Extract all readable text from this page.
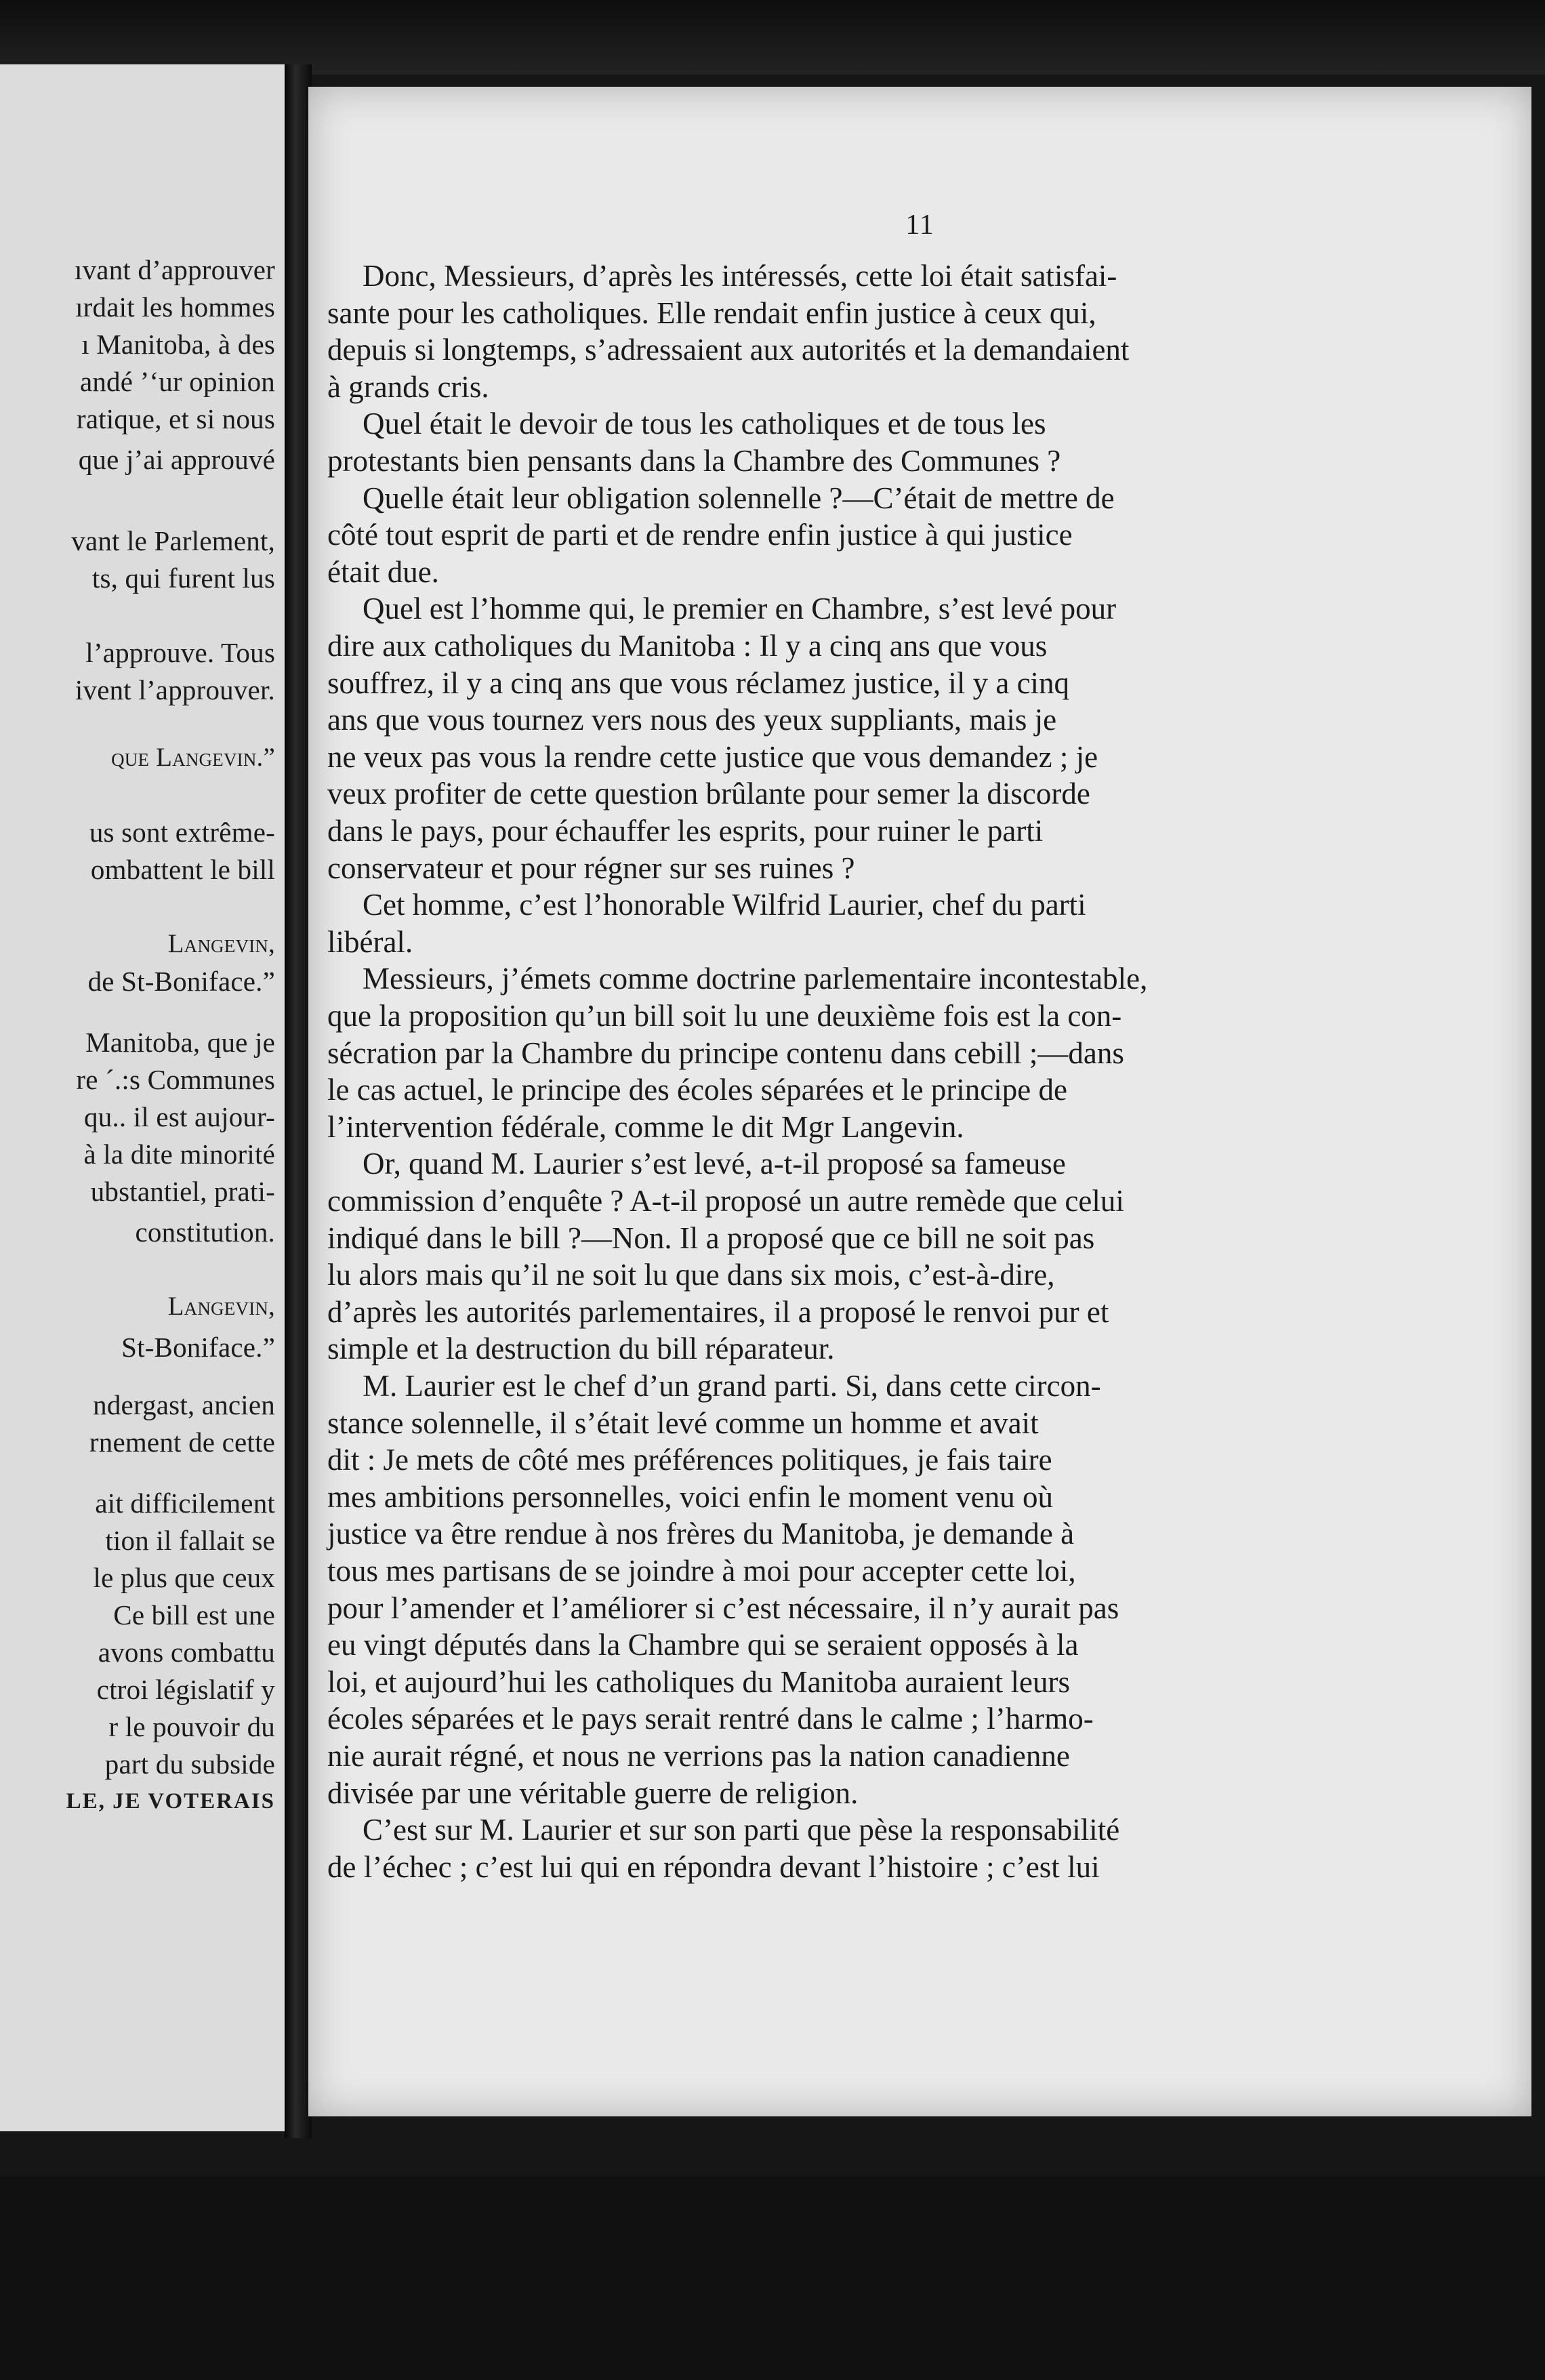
ıvant d’approuver
ırdait les hommes
ı Manitoba, à des
andé ʼʻur opinion
ratique, et si nous
que j’ai approuvé
vant le Parlement,
ts, qui furent lus
l’approuve. Tous
ivent l’approuver.
que Langevin.”
us sont extrême-
ombattent le bill
Langevin,
de St-Boniface.”
Manitoba, que je
re ˊ.:s Communes
qu.. il est aujour-
à la dite minorité
ubstantiel, prati-
constitution.
Langevin,
St-Boniface.”
ndergast, ancien
rnement de cette
ait difficilement
tion il fallait se
le plus que ceux
Ce bill est une
avons combattu
ctroi législatif y
r le pouvoir du
part du subside
LE, JE VOTERAIS
11
Donc, Messieurs, d’après les intéressés, cette loi était satisfai-
sante pour les catholiques. Elle rendait enfin justice à ceux qui,
depuis si longtemps, s’adressaient aux autorités et la demandaient
à grands cris.
Quel était le devoir de tous les catholiques et de tous les
protestants bien pensants dans la Chambre des Communes ?
Quelle était leur obligation solennelle ?—C’était de mettre de
côté tout esprit de parti et de rendre enfin justice à qui justice
était due.
Quel est l’homme qui, le premier en Chambre, s’est levé pour
dire aux catholiques du Manitoba : Il y a cinq ans que vous
souffrez, il y a cinq ans que vous réclamez justice, il y a cinq
ans que vous tournez vers nous des yeux suppliants, mais je
ne veux pas vous la rendre cette justice que vous demandez ; je
veux profiter de cette question brûlante pour semer la discorde
dans le pays, pour échauffer les esprits, pour ruiner le parti
conservateur et pour régner sur ses ruines ?
Cet homme, c’est l’honorable Wilfrid Laurier, chef du parti
libéral.
Messieurs, j’émets comme doctrine parlementaire incontestable,
que la proposition qu’un bill soit lu une deuxième fois est la con-
sécration par la Chambre du principe contenu dans cebill ;—dans
le cas actuel, le principe des écoles séparées et le principe de
l’intervention fédérale, comme le dit Mgr Langevin.
Or, quand M. Laurier s’est levé, a-t-il proposé sa fameuse
commission d’enquête ? A-t-il proposé un autre remède que celui
indiqué dans le bill ?—Non. Il a proposé que ce bill ne soit pas
lu alors mais qu’il ne soit lu que dans six mois, c’est-à-dire,
d’après les autorités parlementaires, il a proposé le renvoi pur et
simple et la destruction du bill réparateur.
M. Laurier est le chef d’un grand parti. Si, dans cette circon-
stance solennelle, il s’était levé comme un homme et avait
dit : Je mets de côté mes préférences politiques, je fais taire
mes ambitions personnelles, voici enfin le moment venu où
justice va être rendue à nos frères du Manitoba, je demande à
tous mes partisans de se joindre à moi pour accepter cette loi,
pour l’amender et l’améliorer si c’est nécessaire, il n’y aurait pas
eu vingt députés dans la Chambre qui se seraient opposés à la
loi, et aujourd’hui les catholiques du Manitoba auraient leurs
écoles séparées et le pays serait rentré dans le calme ; l’harmo-
nie aurait régné, et nous ne verrions pas la nation canadienne
divisée par une véritable guerre de religion.
C’est sur M. Laurier et sur son parti que pèse la responsabilité
de l’échec ; c’est lui qui en répondra devant l’histoire ; c’est lui
